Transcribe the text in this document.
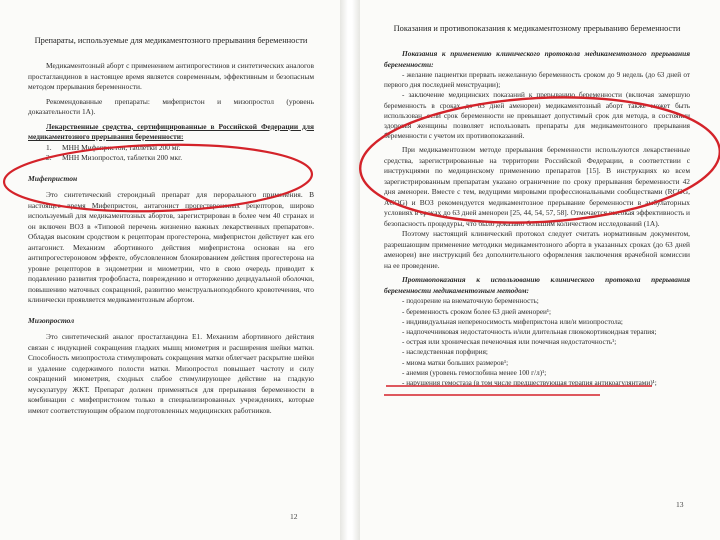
Препараты, используемые для медикаментозного прерывания беременности

Медикаментозный аборт с применением антипрогестинов и синтетических аналогов простагландинов в настоящее время является современным, эффективным и безопасным методом прерывания беременности.

Рекомендованные препараты: мифепристон и мизопростол (уровень доказательности 1А).

Лекарственные средства, сертифицированные в Российской Федерации для медикаментозного прерывания беременности:

1.	МНН Мифепристон, таблетки 200 мг.
2.	МНН Мизопростол, таблетки 200 мкг.
Мифепристон

Это синтетический стероидный препарат для перорального применения. В настоящее время Мифепристон, антагонист прогестероновых рецепторов, широко используемый для медикаментозных абортов, зарегистрирован в более чем 40 странах и он включен ВОЗ в «Типовой перечень жизненно важных лекарственных препаратов». Обладая высоким сродством к рецепторам прогестерона, мифепристон действует как его антагонист. Механизм абортивного действия мифепристона основан на его антипрогестероновом эффекте, обусловленном блокированием действия прогестерона на уровне рецепторов в эндометрии и миометрии, что в свою очередь приводит к подавлению развития трофобласта, повреждению и отторжению децидуальной оболочки, повышению маточных сокращений, развитию менструальноподобного кровотечения, что клинически проявляется медикаментозным абортом.

Мизопростол

Это синтетический аналог простагландина Е1. Механизм абортивного действия связан с индукцией сокращения гладких мышц миометрия и расширения шейки матки. Способность мизопростола стимулировать сокращения матки облегчает раскрытие шейки и удаление содержимого полости матки. Мизопростол повышает частоту и силу сокращений миометрия, сходных слабое стимулирующее действие на гладкую мускулатуру ЖКТ. Препарат должен применяться для прерывания беременности в комбинации с мифепристоном только в специализированных учреждениях, которые имеют соответствующим образом подготовленных медицинских работников.

12
Показания и противопоказания к медикаментозному прерыванию беременности

Показания к применению клинического протокола медикаментозного прерывания беременности:

- желание пациентки прервать нежеланную беременность сроком до 9 недель (до 63 дней от первого дня последней менструации);

- заключение медицинских показаний к прерыванию беременности (включая замершую беременность в сроках до 63 дней аменореи) медикаментозный аборт также может быть использован, если срок беременности не превышает допустимый срок для метода, в состоянии здоровья женщины позволяет использовать препараты для медикаментозного прерывания беременности с учетом их противопоказаний.

При медикаментозном методе прерывания беременности используются лекарственные средства, зарегистрированные на территории Российской Федерации, в соответствии с инструкциями по медицинскому применению препаратов [15]. В инструкциях ко всем зарегистрированным препаратам указано ограничение по сроку прерывания беременности 42 дня аменореи. Вместе с тем, ведущими мировыми профессиональными сообществами (RCOG, ACOG) и ВОЗ рекомендуется медикаментозное прерывание беременности в амбулаторных условиях в сроках до 63 дней аменореи [25, 44, 54, 57, 58]. Отмечается высокая эффективность и безопасность процедуры, что было доказано большим количеством исследований (1А).

Поэтому настоящий клинический протокол следует считать нормативным документом, разрешающим применение методики медикаментозного аборта в указанных сроках (до 63 дней аменореи) вне инструкций без дополнительного оформления заключения врачебной комиссии на ее проведение.

Противопоказания к использованию клинического протокола прерывания беременности медикаментозным методом:

- подозрение на внематочную беременность;

- беременность сроком более 63 дней аменореи¹;

- индивидуальная непереносимость мифепристона или/и мизопростола;

- надпочечниковая недостаточность и/или длительная глюкокортикоидная терапия;

- острая или хроническая печеночная или почечная недостаточность¹;

- наследственная порфирия;

- миома матки больших размеров¹;

- анемия (уровень гемоглобина менее 100 г/л)¹;

- нарушения гемостаза (в том числе предшествующая терапия антикоагулянтами)¹;

13
